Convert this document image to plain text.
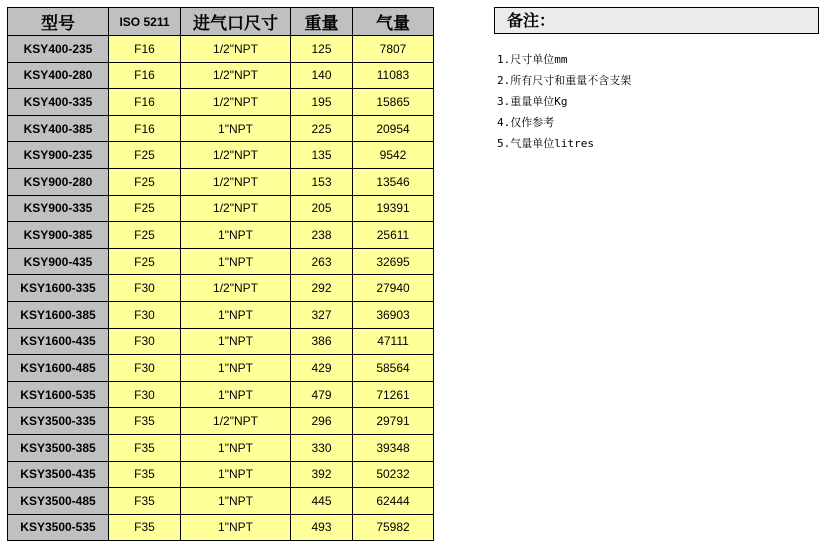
型号	ISO 5211	进气口尺寸	重量	气量
KSY400-235	F16	1/2"NPT	125	7807
KSY400-280	F16	1/2"NPT	140	11083
KSY400-335	F16	1/2"NPT	195	15865
KSY400-385	F16	1"NPT	225	20954
KSY900-235	F25	1/2"NPT	135	9542
KSY900-280	F25	1/2"NPT	153	13546
KSY900-335	F25	1/2"NPT	205	19391
KSY900-385	F25	1"NPT	238	25611
KSY900-435	F25	1"NPT	263	32695
KSY1600-335	F30	1/2"NPT	292	27940
KSY1600-385	F30	1"NPT	327	36903
KSY1600-435	F30	1"NPT	386	47111
KSY1600-485	F30	1"NPT	429	58564
KSY1600-535	F30	1"NPT	479	71261
KSY3500-335	F35	1/2"NPT	296	29791
KSY3500-385	F35	1"NPT	330	39348
KSY3500-435	F35	1"NPT	392	50232
KSY3500-485	F35	1"NPT	445	62444
KSY3500-535	F35	1"NPT	493	75982
备注：
1.尺寸单位mm
2.所有尺寸和重量不含支架
3.重量单位Kg
4.仅作参考
5.气量单位litres
